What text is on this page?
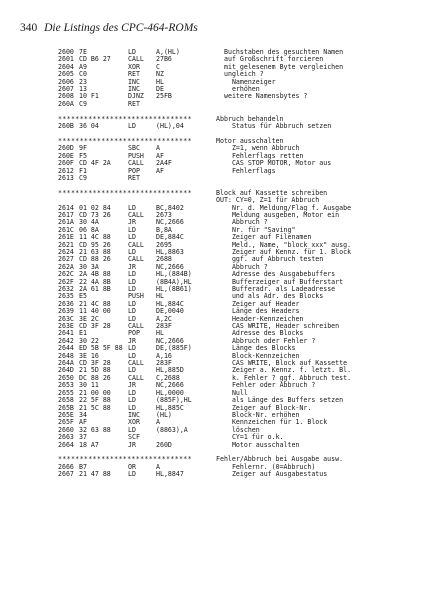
340 Die Listings des CPC-464-ROMs
2600 7E	LD	A,(HL)	Buchstaben des gesuchten Namen
2601 CD B6 27	CALL 27B6	auf Großschrift forcieren
2604 A9	XOR C	mit gelesenem Byte vergleichen
2605 C0	RET NZ	ungleich ?
2606 23	INC HL	Namenzeiger
2607 13	INC DE	erhöhen
2608 10 F1	DJNZ 25FB	weitere Namensbytes ?
260A C9	RET
*******************************	Abbruch behandeln
260B 36 04	LD	(HL),04	Status für Abbruch setzen
*******************************	Motor ausschalten
260D 9F	SBC A	Z=1, wenn Abbruch
260E F5	PUSH AF	Fehlerflags retten
260F CD 4F 2A	CALL 2A4F	CAS STOP MOTOR, Motor aus
2612 F1	POP AF	Fehlerflags
2613 C9	RET
*******************************	Block auf Kassette schreiben
OUT: CY=0, Z=1 für Abbruch
2614 01 02 84	LD	BC,8402	Nr. d. Meldung/Flag f. Ausgabe
2617 CD 73 26	CALL 2673	Meldung ausgeben, Motor ein
261A 30 4A	JR	NC,2666	Abbruch ?
261C 06 8A	LD	B,8A	Nr. für "Saving"
261E 11 4C 88	LD	DE,884C	Zeiger auf Filenamen
2621 CD 95 26	CALL 2695	Meld., Name, "block xxx" ausg.
2624 21 63 88	LD	HL,8863	Zeiger auf Kennz. für 1. Block
2627 CD 88 26	CALL 2688	ggf. auf Abbruch testen
262A 30 3A	JR	NC,2666	Abbruch ?
262C 2A 4B 88	LD	HL,(884B)	Adresse des Ausgabebuffers
262F 22 4A 8B	LD	(8B4A),HL	Bufferzeiger auf Bufferstart
2632 2A 61 8B	LD	HL,(8B61)	Bufferadr. als Ladeadresse
2635 E5	PUSH HL	und als Adr. des Blocks
2636 21 4C 88	LD	HL,884C	Zeiger auf Header
2639 11 40 00	LD	DE,0040	Länge des Headers
263C 3E 2C	LD	A,2C	Header-Kennzeichen
263E CD 3F 28	CALL 283F	CAS WRITE, Header schreiben
2641 E1	POP HL	Adresse des Blocks
2642 30 22	JR	NC,2666	Abbruch oder Fehler ?
2644 ED 5B 5F 88 LD	DE,(885F)	Länge des Blocks
2648 3E 16	LD	A,16	Block-Kennzeichen
264A CD 3F 28	CALL 283F	CAS WRITE, Block auf Kassette
264D 21 5D 88	LD	HL,885D	Zeiger a. Kennz. f. letzt. Bl.
2650 DC 88 26	CALL C,2688	k. Fehler ? ggf. Abbruch test.
2653 30 11	JR	NC,2666	Fehler oder Abbruch ?
2655 21 00 00	LD	HL,0000	Null
2658 22 5F 88	LD	(885F),HL	als Länge des Buffers setzen
265B 21 5C 88	LD	HL,885C	Zeiger auf Block-Nr.
265E 34	INC (HL)	Block-Nr. erhöhen
265F AF	XOR A	Kennzeichen für 1. Block
2660 32 63 88	LD	(8863),A	löschen
2663 37	SCF	CY=1 für o.k.
2664 18 A7	JR	260D	Motor ausschalten
*******************************	Fehler/Abbruch bei Ausgabe ausw.
2666 B7	OR	A	Fehlernr. (0=Abbruch)
2667 21 47 88	LD	HL,8847	Zeiger auf Ausgabestatus
